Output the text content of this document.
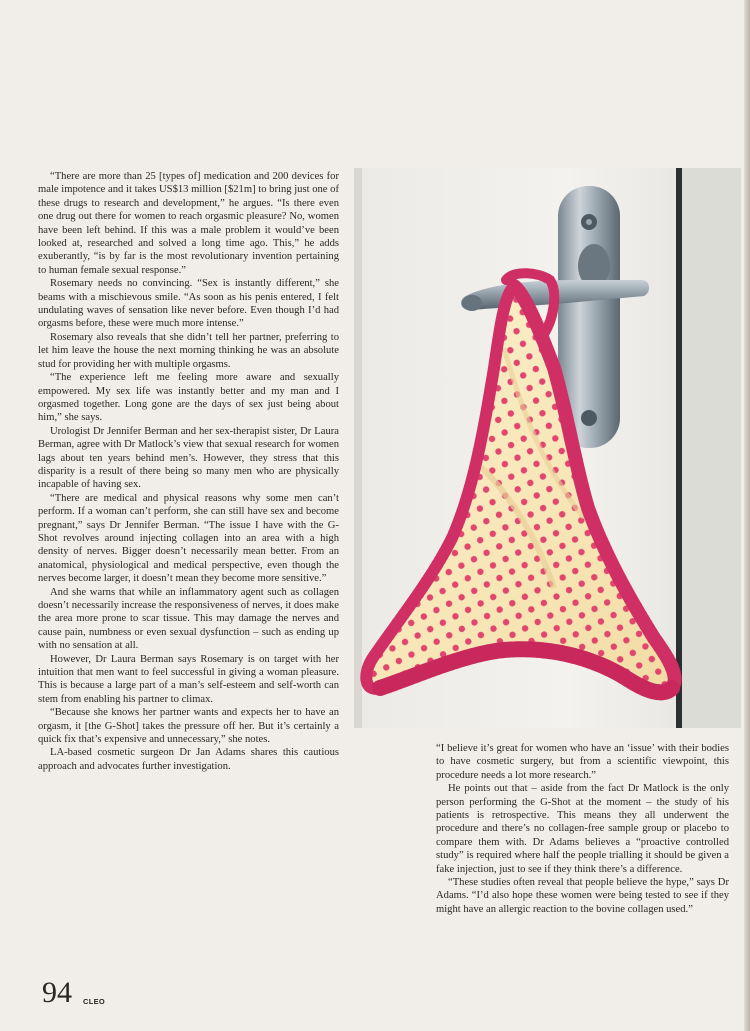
“There are more than 25 [types of] medication and 200 devices for male impotence and it takes US$13 million [$21m] to bring just one of these drugs to research and development,” he argues. “Is there even one drug out there for women to reach orgasmic pleasure? No, women have been left behind. If this was a male problem it would’ve been looked at, researched and solved a long time ago. This,” he adds exuberantly, “is by far is the most revolutionary invention pertaining to human female sexual response.”

Rosemary needs no convincing. “Sex is instantly different,” she beams with a mischievous smile. “As soon as his penis entered, I felt undulating waves of sensation like never before. Even though I’d had orgasms before, these were much more intense.”

Rosemary also reveals that she didn’t tell her partner, preferring to let him leave the house the next morning thinking he was an absolute stud for providing her with multiple orgasms.

“The experience left me feeling more aware and sexually empowered. My sex life was instantly better and my man and I orgasmed together. Long gone are the days of sex just being about him,” she says.

Urologist Dr Jennifer Berman and her sex-therapist sister, Dr Laura Berman, agree with Dr Matlock’s view that sexual research for women lags about ten years behind men’s. However, they stress that this disparity is a result of there being so many men who are physically incapable of having sex.

“There are medical and physical reasons why some men can’t perform. If a woman can’t perform, she can still have sex and become pregnant,” says Dr Jennifer Berman. “The issue I have with the G-Shot revolves around injecting collagen into an area with a high density of nerves. Bigger doesn’t necessarily mean better. From an anatomical, physiological and medical perspective, even though the nerves become larger, it doesn’t mean they become more sensitive.”

And she warns that while an inflammatory agent such as collagen doesn’t necessarily increase the responsiveness of nerves, it does make the area more prone to scar tissue. This may damage the nerves and cause pain, numbness or even sexual dysfunction – such as ending up with no sensation at all.

However, Dr Laura Berman says Rosemary is on target with her intuition that men want to feel successful in giving a woman pleasure. This is because a large part of a man’s self-esteem and self-worth can stem from enabling his partner to climax.

“Because she knows her partner wants and expects her to have an orgasm, it [the G-Shot] takes the pressure off her. But it’s certainly a quick fix that’s expensive and unnecessary,” she notes.

LA-based cosmetic surgeon Dr Jan Adams shares this cautious approach and advocates further investigation.

“I believe it’s great for women who have an ‘issue’ with their bodies to have cosmetic surgery, but from a scientific viewpoint, this procedure needs a lot more research.”

He points out that – aside from the fact Dr Matlock is the only person performing the G-Shot at the moment – the study of his patients is retrospective. This means they all underwent the procedure and there’s no collagen-free sample group or placebo to compare them with. Dr Adams believes a “proactive controlled study” is required where half the people trialling it should be given a fake injection, just to see if they think there’s a difference.

“These studies often reveal that people believe the hype,” says Dr Adams. “I’d also hope these women were being tested to see if they might have an allergic reaction to the bovine collagen used.”

94 CLEO
